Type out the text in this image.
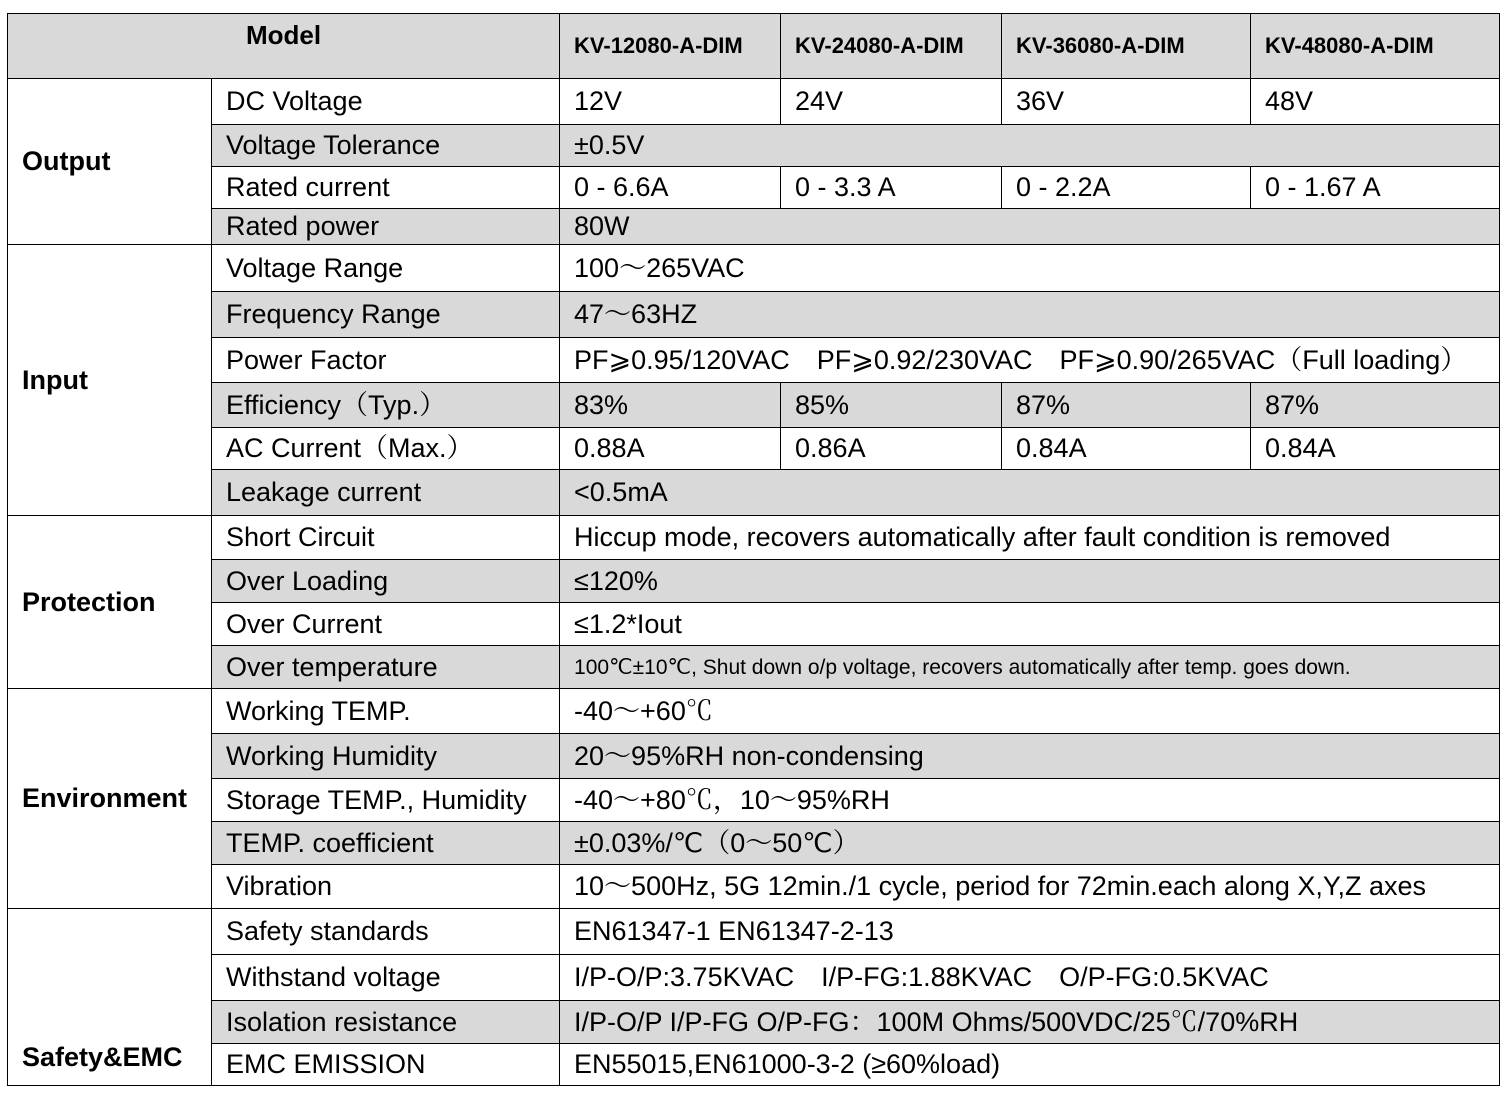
Model		KV-12080-A-DIM	KV-24080-A-DIM	KV-36080-A-DIM	KV-48080-A-DIM
Output	DC Voltage	12V	24V	36V	48V
	Voltage Tolerance	±0.5V			
	Rated current	0 - 6.6A	0 - 3.3 A	0 - 2.2A	0 - 1.67 A
	Rated power	80W			
Input	Voltage Range	100～265VAC			
	Frequency Range	47～63HZ			
	Power Factor	PF⩾0.95/120VAC　PF⩾0.92/230VAC　PF⩾0.90/265VAC（Full loading）			
	Efficiency（Typ.）	83%	85%	87%	87%
	AC Current（Max.）	0.88A	0.86A	0.84A	0.84A
	Leakage current	<0.5mA			
Protection	Short Circuit	Hiccup mode, recovers automatically after fault condition is removed			
	Over Loading	≤120%			
	Over Current	≤1.2*Iout			
	Over temperature	100℃±10℃, Shut down o/p voltage, recovers automatically after temp. goes down.			
Environment	Working TEMP.	-40～+60℃			
	Working Humidity	20～95%RH non-condensing			
	Storage TEMP., Humidity	-40～+80℃，10～95%RH			
	TEMP. coefficient	±0.03%/℃（0～50℃）			
	Vibration	10～500Hz, 5G 12min./1 cycle, period for 72min.each along X,Y,Z axes			
Safety&EMC	Safety standards	EN61347-1 EN61347-2-13			
	Withstand voltage	I/P-O/P:3.75KVAC　I/P-FG:1.88KVAC　O/P-FG:0.5KVAC			
	Isolation resistance	I/P-O/P I/P-FG O/P-FG：100M Ohms/500VDC/25℃/70%RH			
	EMC EMISSION	EN55015,EN61000-3-2 (≥60%load)			
